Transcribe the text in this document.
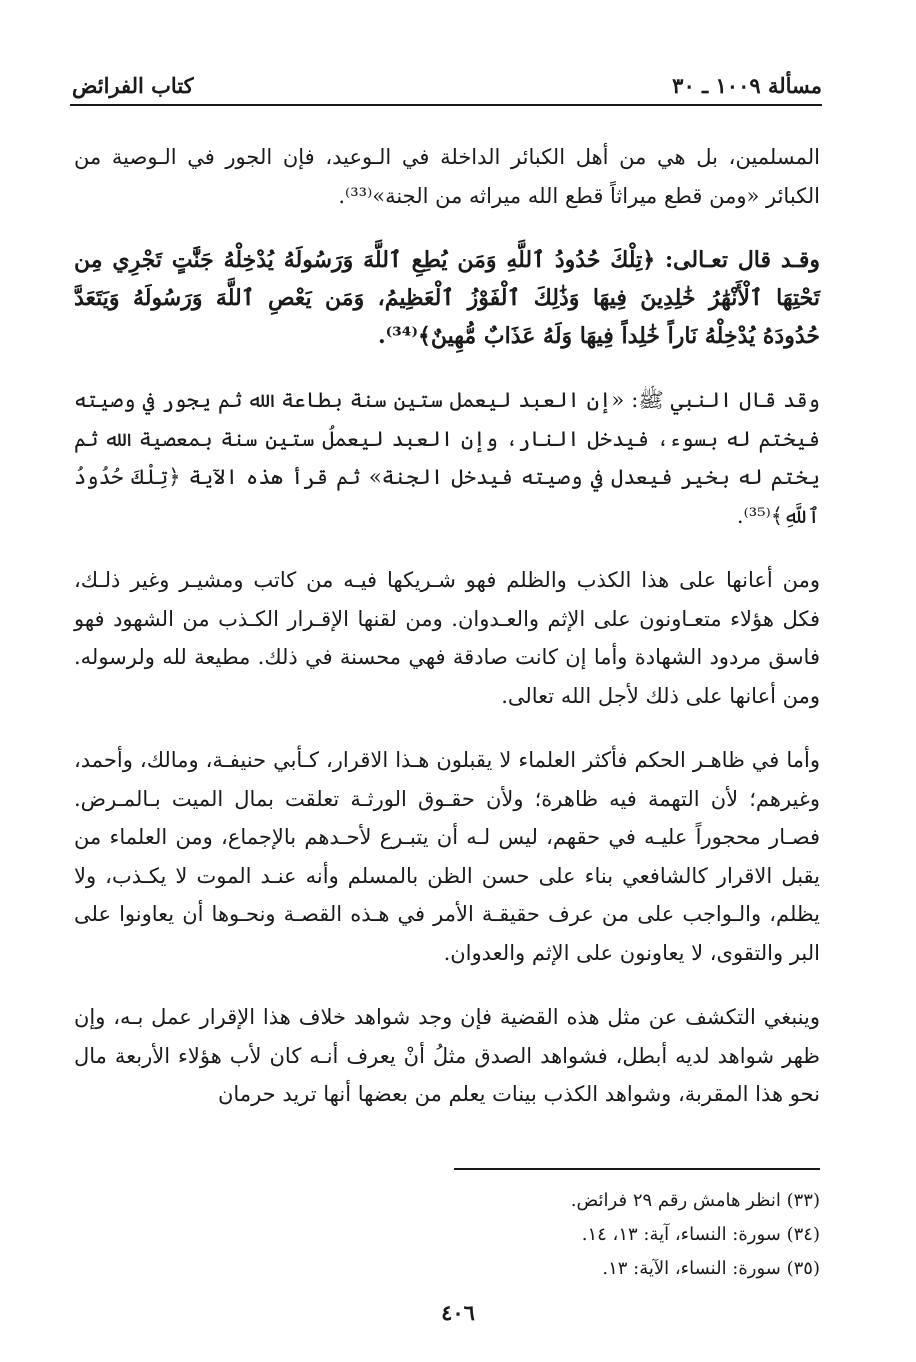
مسألة ١٠٠٩ ـ ٣٠
كتاب الفرائض

المسلمين، بل هي من أهل الكبائر الداخلة في الـوعيد، فإن الجور في الـوصية من الكبائر «ومن قطع ميراثاً قطع الله ميراثه من الجنة»⁽³³⁾.

وقـد قال تعـالى: ﴿تِلْكَ حُدُودُ ٱللَّهِ وَمَن يُطِعِ ٱللَّهَ وَرَسُولَهُ يُدْخِلْهُ جَنَّٰتٍ تَجْرِي مِن تَحْتِهَا ٱلْأَنْهَٰرُ خَٰلِدِينَ فِيهَا وَذَٰلِكَ ٱلْفَوْزُ ٱلْعَظِيمُ، وَمَن يَعْصِ ٱللَّهَ وَرَسُولَهُ وَيَتَعَدَّ حُدُودَهُ يُدْخِلْهُ نَاراً خَٰلِداً فِيهَا وَلَهُ عَذَابٌ مُّهِينٌ﴾⁽³⁴⁾.

وقد قال النبي ﷺ: «إن العبد ليعمل ستين سنة بطاعة الله ثم يجور في وصيته فيختم له بسوء، فيدخل النار، وإن العبد ليعملُ ستين سنة بمعصية الله ثم يختم له بخير فيعدل في وصيته فيدخل الجنة» ثم قرأ هذه الآية ﴿تِلْكَ حُدُودُ ٱللَّهِ﴾⁽³⁵⁾.

ومن أعانها على هذا الكذب والظلم فهو شـريكها فيـه من كاتب ومشيـر وغير ذلـك، فكل هؤلاء متعـاونون على الإثم والعـدوان. ومن لقنها الإقـرار الكـذب من الشهود فهو فاسق مردود الشهادة وأما إن كانت صادقة فهي محسنة في ذلك. مطيعة لله ولرسوله. ومن أعانها على ذلك لأجل الله تعالى.

وأما في ظاهـر الحكم فأكثر العلماء لا يقبلون هـذا الاقرار، كـأبي حنيفـة، ومالك، وأحمد، وغيرهم؛ لأن التهمة فيه ظاهرة؛ ولأن حقـوق الورثـة تعلقت بمال الميت بـالمـرض. فصـار محجوراً عليـه في حقهم، ليس لـه أن يتبـرع لأحـدهم بالإجماع، ومن العلماء من يقبل الاقرار كالشافعي بناء على حسن الظن بالمسلم وأنه عنـد الموت لا يكـذب، ولا يظلم، والـواجب على من عرف حقيقـة الأمر في هـذه القصـة ونحـوها أن يعاونوا على البر والتقوى، لا يعاونون على الإثم والعدوان.

وينبغي التكشف عن مثل هذه القضية فإن وجد شواهد خلاف هذا الإقرار عمل بـه، وإن ظهر شواهد لديه أبطل، فشواهد الصدق مثلُ أنْ يعرف أنـه كان لأب هؤلاء الأربعة مال نحو هذا المقربة، وشواهد الكذب بينات يعلم من بعضها أنها تريد حرمان

(٣٣) انظر هامش رقم ٢٩ فرائض.
(٣٤) سورة: النساء، آية: ١٣، ١٤.
(٣٥) سورة: النساء، الآية: ١٣.
٤٠٦
